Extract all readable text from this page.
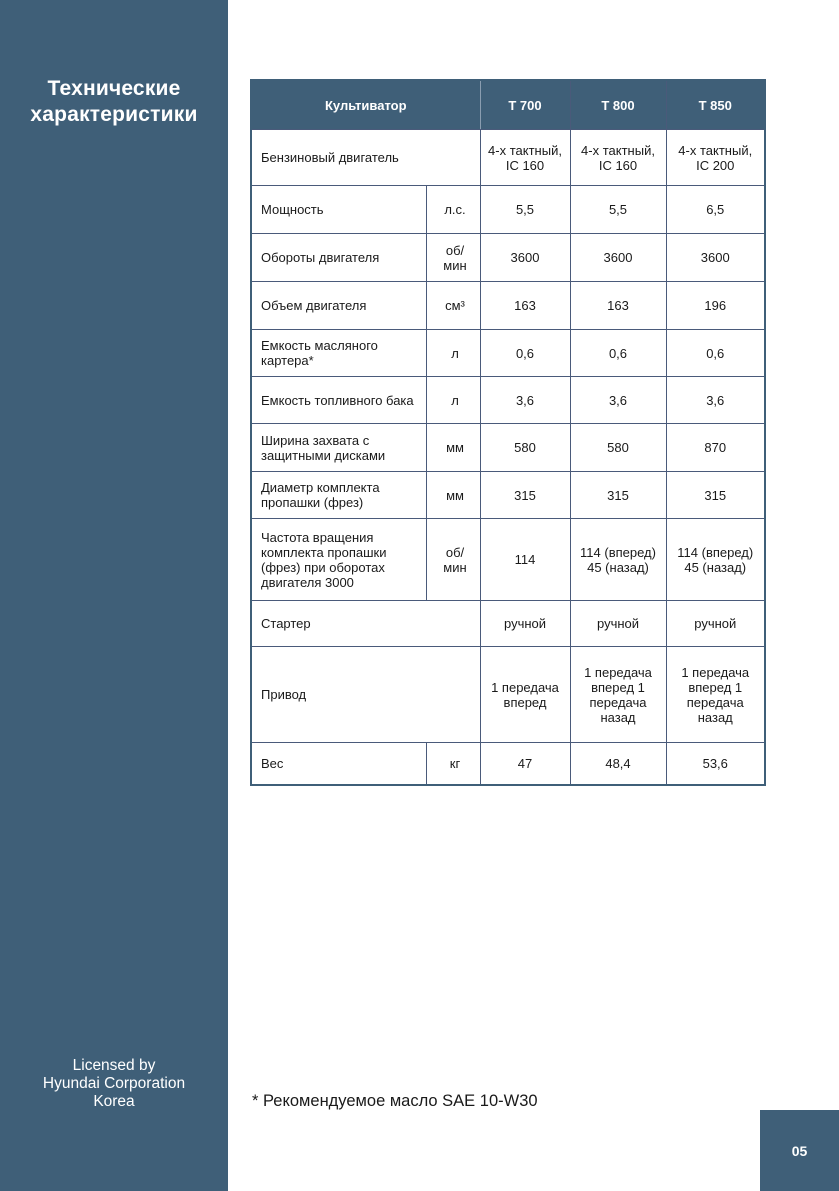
Технические
характеристики
Licensed by
Hyundai Corporation
Korea
Культиватор		Т 700	Т 800	Т 850
Бензиновый двигатель		4-х тактный, IC 160	4-х тактный, IC 160	4-х тактный, IC 200
Мощность	л.с.	5,5	5,5	6,5
Обороты двигателя	об/мин	3600	3600	3600
Объем двигателя	см³	163	163	196
Емкость масляного картера*	л	0,6	0,6	0,6
Емкость топливного бака	л	3,6	3,6	3,6
Ширина захвата с защитными дисками	мм	580	580	870
Диаметр комплекта пропашки (фрез)	мм	315	315	315
Частота вращения комплекта пропашки (фрез) при оборотах двигателя 3000	об/мин	114	114 (вперед) 45 (назад)	114 (вперед) 45 (назад)
Стартер		ручной	ручной	ручной
Привод		1 передача вперед	1 передача вперед 1 передача назад	1 передача вперед 1 передача назад
Вес	кг	47	48,4	53,6
* Рекомендуемое масло SAE 10-W30
05
